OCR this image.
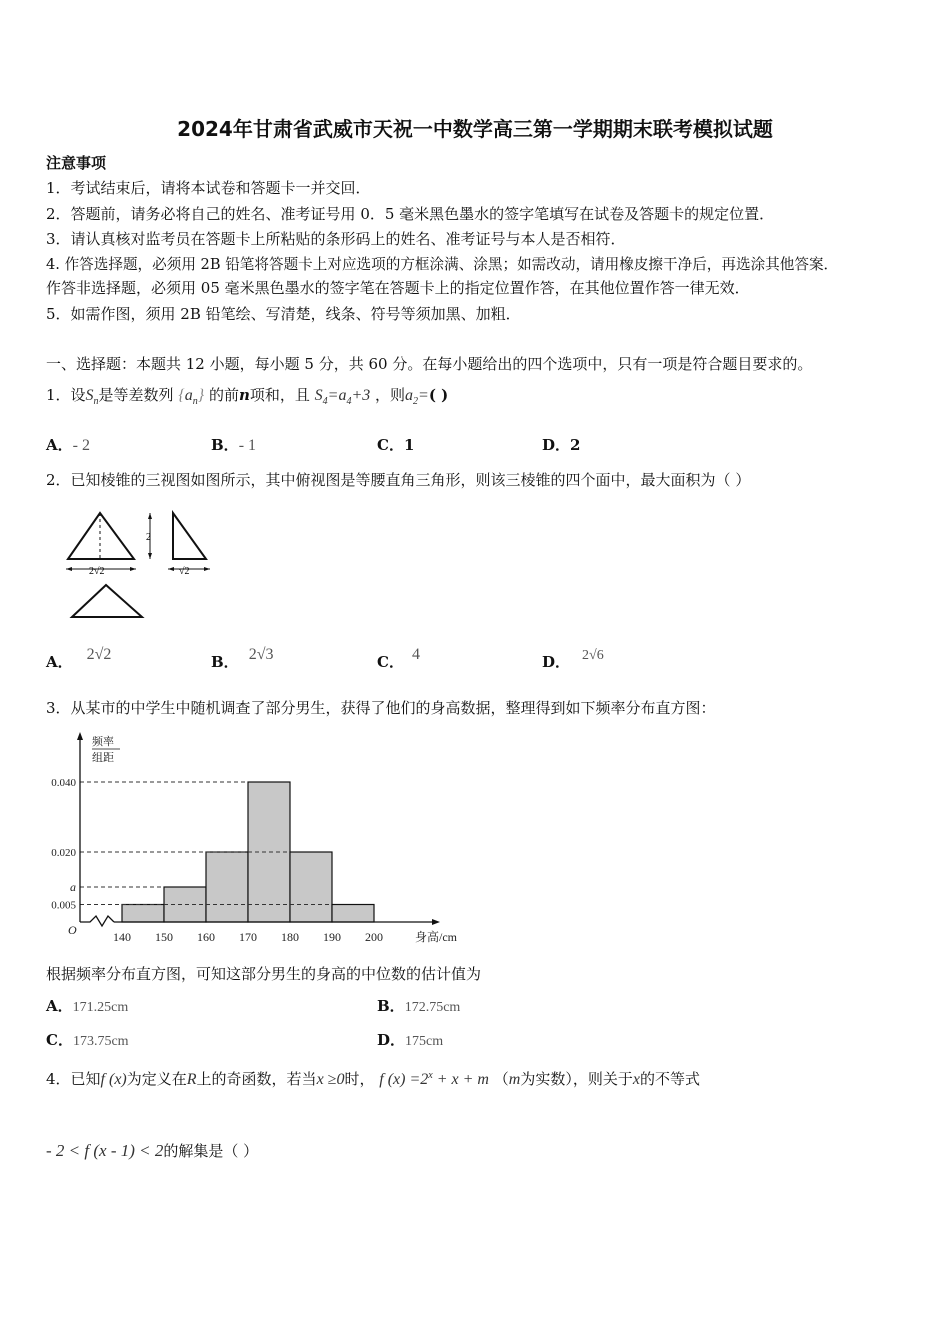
2024年甘肃省武威市天祝一中数学高三第一学期期末联考模拟试题
注意事项
1．考试结束后，请将本试卷和答题卡一并交回．
2．答题前，请务必将自己的姓名、准考证号用 0．5 毫米黑色墨水的签字笔填写在试卷及答题卡的规定位置．
3．请认真核对监考员在答题卡上所粘贴的条形码上的姓名、准考证号与本人是否相符．
4. 作答选择题，必须用 2B 铅笔将答题卡上对应选项的方框涂满、涂黑；如需改动，请用橡皮擦干净后，再选涂其他答案．
作答非选择题，必须用 05 毫米黑色墨水的签字笔在答题卡上的指定位置作答，在其他位置作答一律无效．
5．如需作图，须用 2B 铅笔绘、写清楚，线条、符号等须加黑、加粗．
一、选择题：本题共 12 小题，每小题 5 分，共 60 分。在每小题给出的四个选项中，只有一项是符合题目要求的。
1．设$S_n$是等差数列 $\{a_n\}$ 的前n项和，且 $S_4=a_4+3$ ，则$a_2=$( )
A．- 2	B．- 1	C．1	D．2
2．已知棱锥的三视图如图所示，其中俯视图是等腰直角三角形，则该三棱锥的四个面中，最大面积为（ ）
2√2
2
√2
A． 2√2	B． 2√3	C． 4	D． 2√6
3．从某市的中学生中随机调查了部分男生，获得了他们的身高数据，整理得到如下频率分布直方图：
0.040
0.020
a
0.005
140 150 160 170 180 190 200
O
频率
组距
身高/cm
根据频率分布直方图，可知这部分男生的身高的中位数的估计值为
A．171.25cm	B．172.75cm
C．173.75cm	D．175cm
4．已知f (x)为定义在R上的奇函数，若当x ≥0时， f $(x) =2^x + x + m$ （m为实数），则关于x的不等式
- 2 < f (x - 1) < 2的解集是（ ）
